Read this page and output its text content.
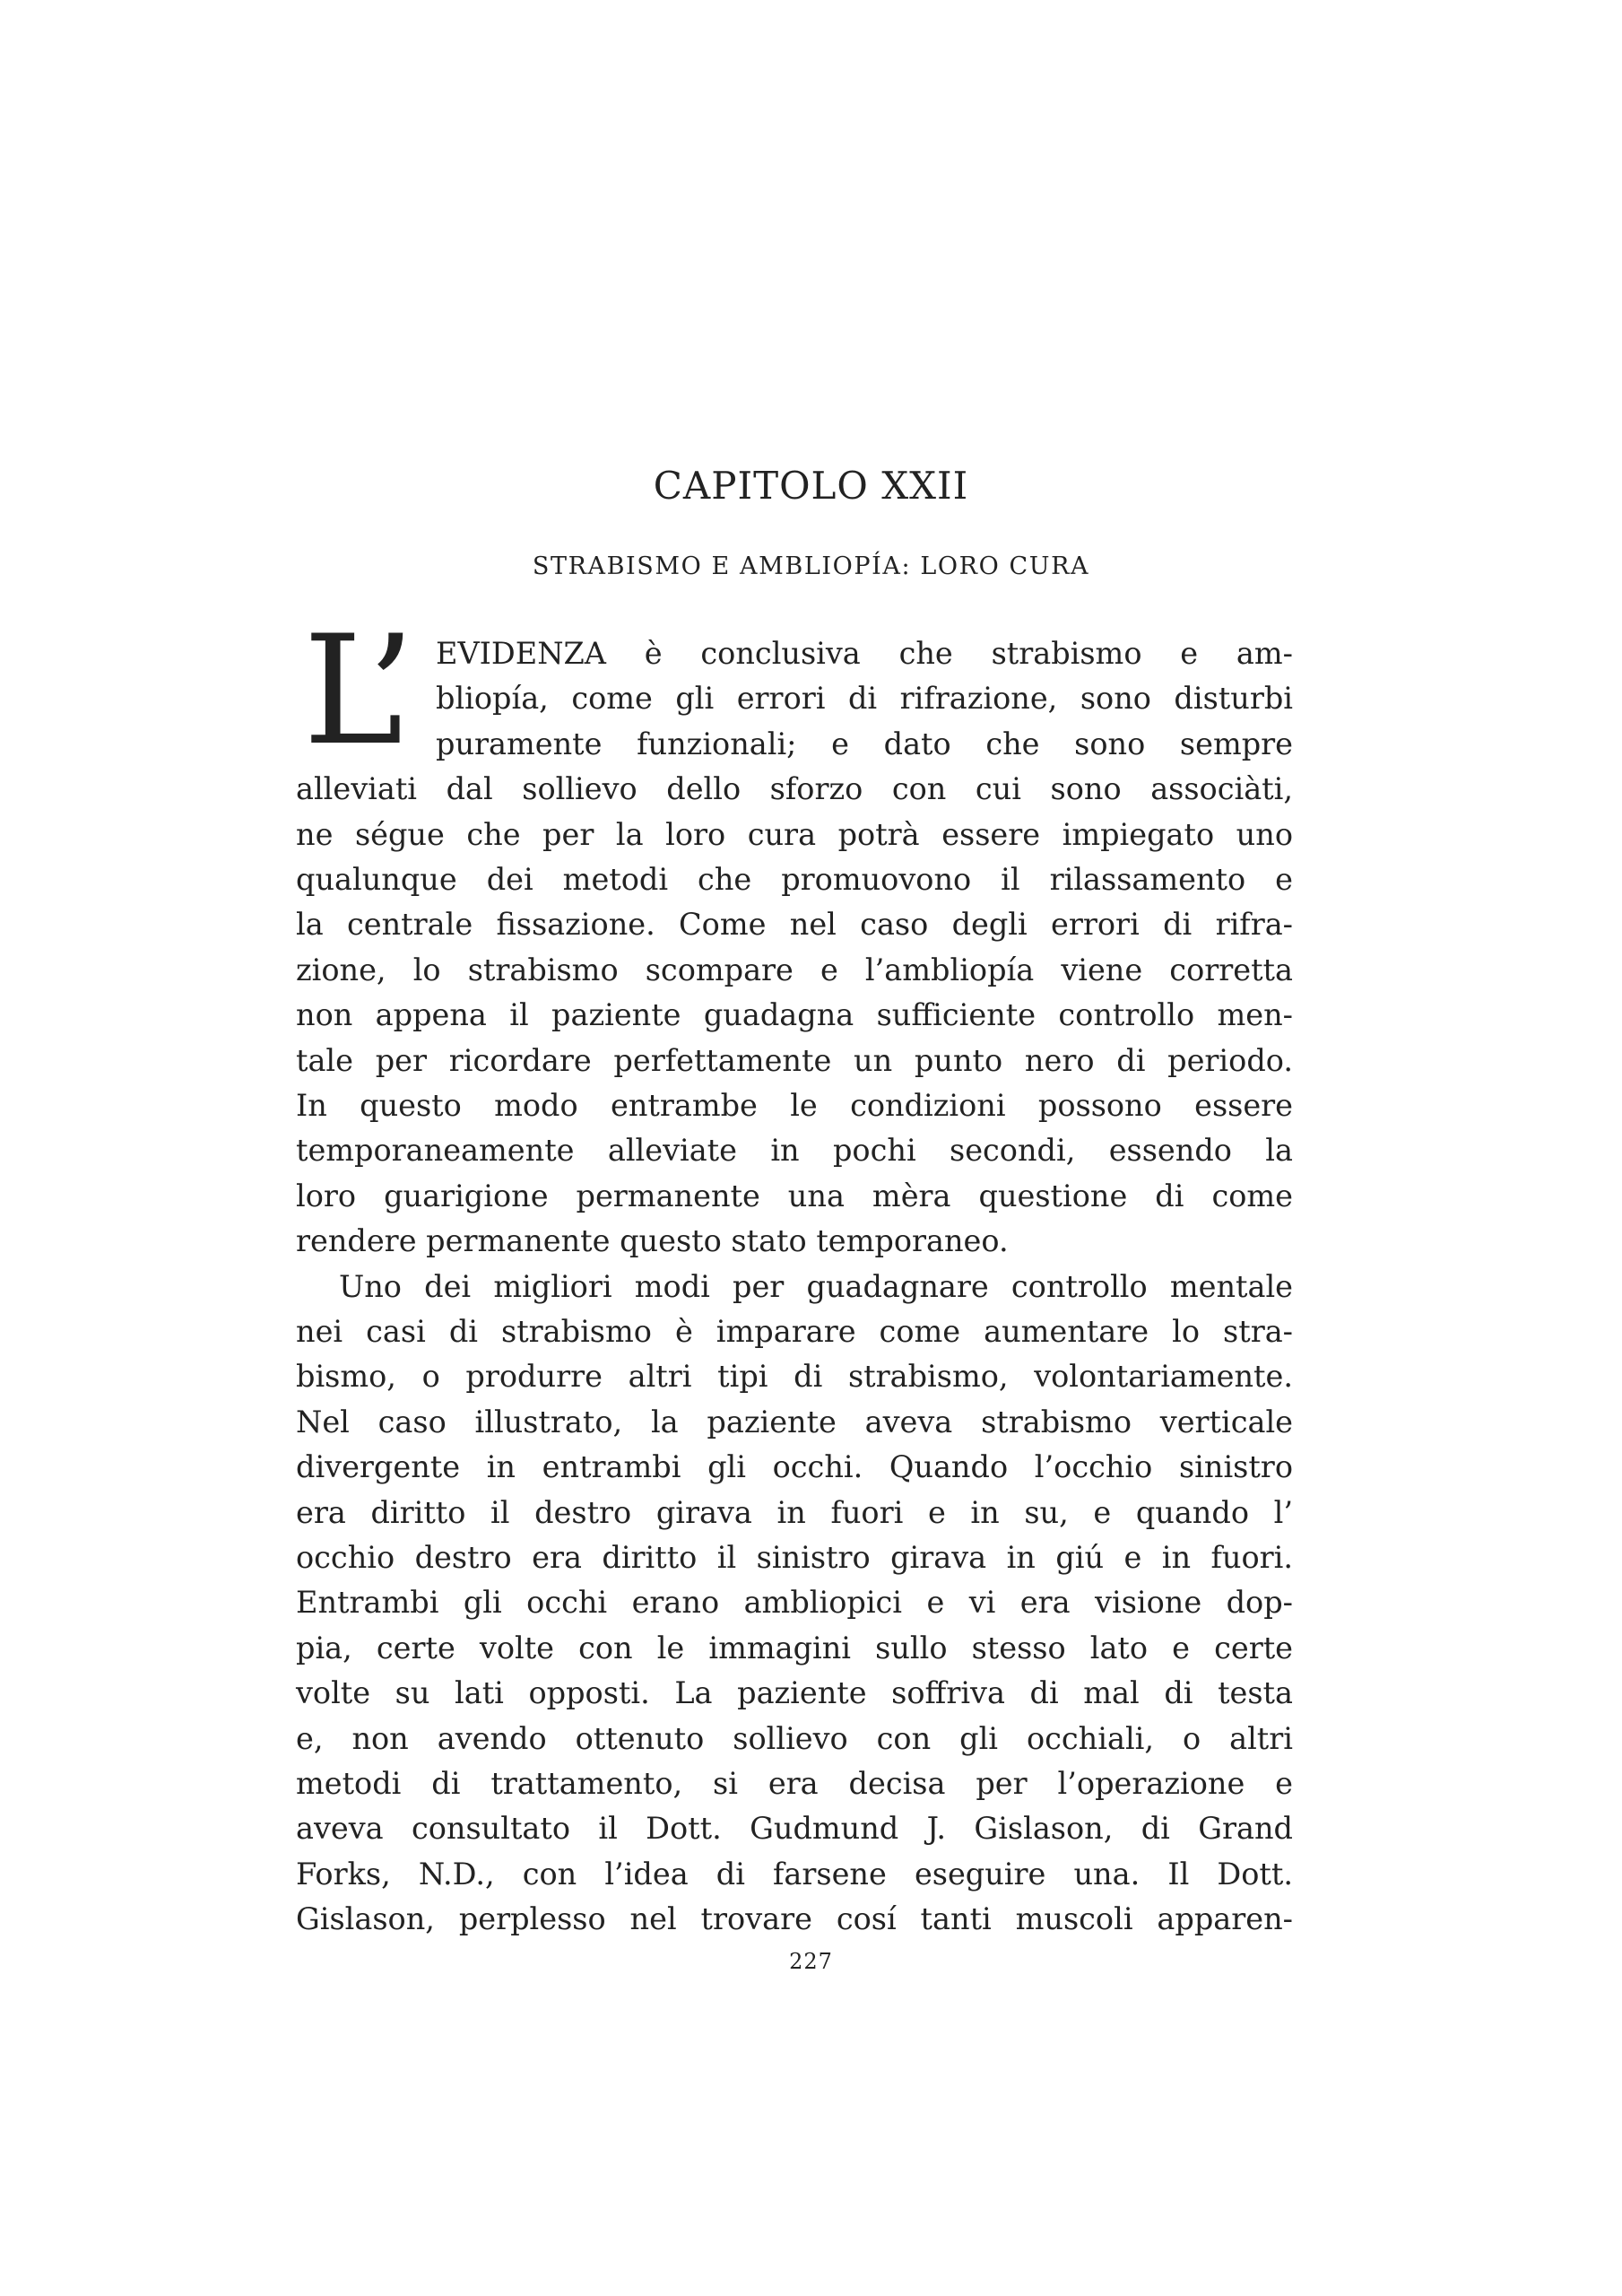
CAPITOLO XXII
STRABISMO E AMBLIOPÍA: LORO CURA
L’ EVIDENZA è conclusiva che strabismo e am-
bliopía, come gli errori di rifrazione, sono disturbi
puramente funzionali; e dato che sono sempre
alleviati dal sollievo dello sforzo con cui sono associàti,
ne ségue che per la loro cura potrà essere impiegato uno
qualunque dei metodi che promuovono il rilassamento e
la centrale fissazione. Come nel caso degli errori di rifra-
zione, lo strabismo scompare e l’ambliopía viene corretta
non appena il paziente guadagna sufficiente controllo men-
tale per ricordare perfettamente un punto nero di periodo.
In questo modo entrambe le condizioni possono essere
temporaneamente alleviate in pochi secondi, essendo la
loro guarigione permanente una mèra questione di come
rendere permanente questo stato temporaneo.
Uno dei migliori modi per guadagnare controllo mentale
nei casi di strabismo è imparare come aumentare lo stra-
bismo, o produrre altri tipi di strabismo, volontariamente.
Nel caso illustrato, la paziente aveva strabismo verticale
divergente in entrambi gli occhi. Quando l’occhio sinistro
era diritto il destro girava in fuori e in su, e quando l’
occhio destro era diritto il sinistro girava in giú e in fuori.
Entrambi gli occhi erano ambliopici e vi era visione dop-
pia, certe volte con le immagini sullo stesso lato e certe
volte su lati opposti. La paziente soffriva di mal di testa
e, non avendo ottenuto sollievo con gli occhiali, o altri
metodi di trattamento, si era decisa per l’operazione e
aveva consultato il Dott. Gudmund J. Gislason, di Grand
Forks, N.D., con l’idea di farsene eseguire una. Il Dott.
Gislason, perplesso nel trovare cosí tanti muscoli apparen-
227
